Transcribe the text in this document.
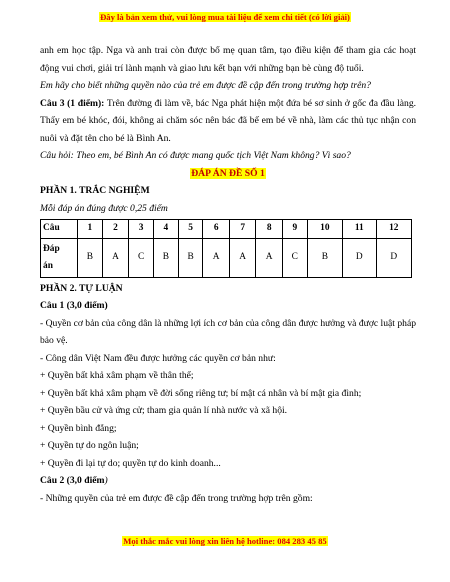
Đây là bản xem thử, vui lòng mua tài liệu để xem chi tiết (có lời giải)

anh em học tập. Nga và anh trai còn được bố mẹ quan tâm, tạo điều kiện để tham gia các hoạt động vui chơi, giải trí lành mạnh và giao lưu kết bạn với những bạn bè cùng độ tuổi.

Em hãy cho biết những quyền nào của trẻ em được đề cập đến trong trường hợp trên?

Câu 3 (1 điểm): Trên đường đi làm về, bác Nga phát hiện một đứa bé sơ sinh ở gốc đa đầu làng. Thấy em bé khóc, đói, không ai chăm sóc nên bác đã bế em bé về nhà, làm các thủ tục nhận con nuôi và đặt tên cho bé là Bình An.

Câu hỏi: Theo em, bé Bình An có được mang quốc tịch Việt Nam không? Vì sao?

ĐÁP ÁN ĐỀ SỐ 1

PHẦN 1. TRẮC NGHIỆM

Mỗi đáp án đúng được 0,25 điểm

Câu	1	2	3	4	5	6	7	8	9	10	11	12
Đáp
án	B	A	C	B	B	A	A	A	C	B	D	D

PHẦN 2. TỰ LUẬN

Câu 1 (3,0 điểm)

- Quyền cơ bản của công dân là những lợi ích cơ bản của công dân được hưởng và được luật pháp bảo vệ.

- Công dân Việt Nam đều được hưởng các quyền cơ bản như:

+ Quyền bất khả xâm phạm về thân thể;

+ Quyền bất khả xâm phạm về đời sống riêng tư; bí mật cá nhân và bí mật gia đình;

+ Quyền bầu cử và ứng cử; tham gia quản lí nhà nước và xã hội.

+ Quyền bình đẳng;

+ Quyền tự do ngôn luận;

+ Quyền đi lại tự do; quyền tự do kinh doanh...

Câu 2 (3,0 điểm)

- Những quyền của trẻ em được đề cập đến trong trường hợp trên gồm:

Mọi thắc mắc vui lòng xin liên hệ hotline: 084 283 45 85
